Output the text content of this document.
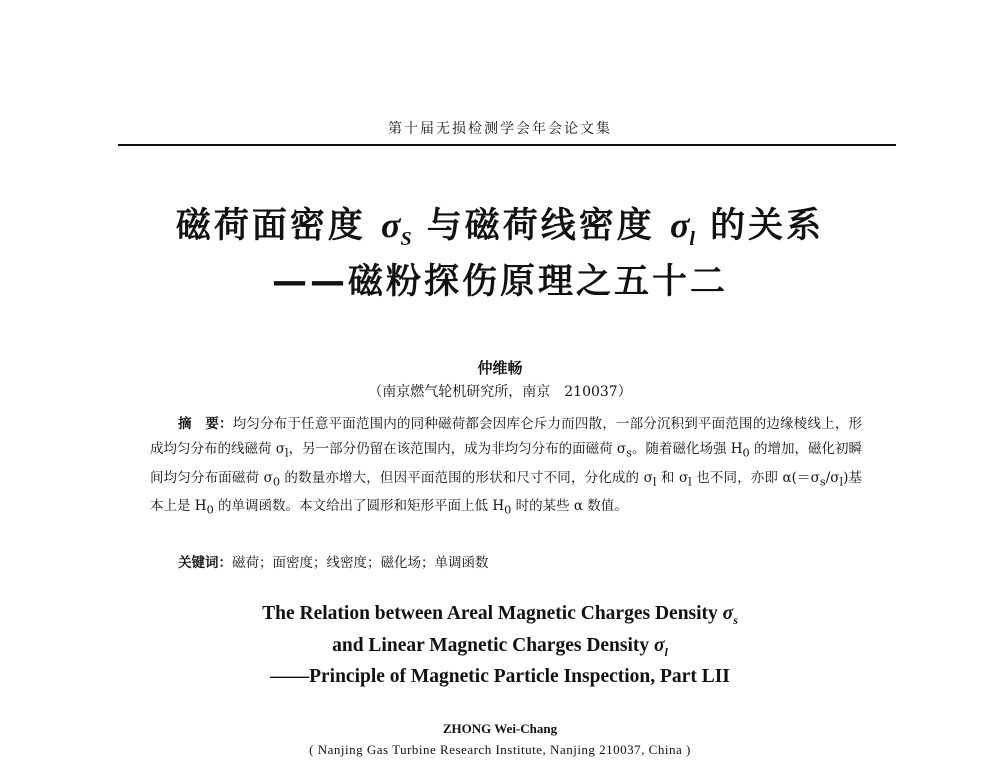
第十届无损检测学会年会论文集
磁荷面密度 $\sigma_S$ 与磁荷线密度 $\sigma_l$ 的关系
——磁粉探伤原理之五十二
仲维畅
（南京燃气轮机研究所，南京　210037）
摘　要：均匀分布于任意平面范围内的同种磁荷都会因库仑斥力而四散，一部分沉积到平面范围的边缘棱线上，形成均匀分布的线磁荷 $\sigma_l$，另一部分仍留在该范围内，成为非均匀分布的面磁荷 $\sigma_s$。随着磁化场强 $H_0$ 的增加，磁化初瞬间均匀分布面磁荷 $\sigma_0$ 的数量亦增大，但因平面范围的形状和尺寸不同，分化成的 $\sigma_l$ 和 $\sigma_l$ 也不同，亦即 $\alpha(=\sigma_s/\sigma_l)$基本上是 $H_0$ 的单调函数。本文给出了圆形和矩形平面上低 $H_0$ 时的某些 α 数值。
关键词：磁荷；面密度；线密度；磁化场；单调函数
The Relation between Areal Magnetic Charges Density $\sigma_s$
and Linear Magnetic Charges Density $\sigma_l$
——Principle of Magnetic Particle Inspection, Part LII
ZHONG Wei-Chang
( Nanjing Gas Turbine Research Institute, Nanjing 210037, China )
